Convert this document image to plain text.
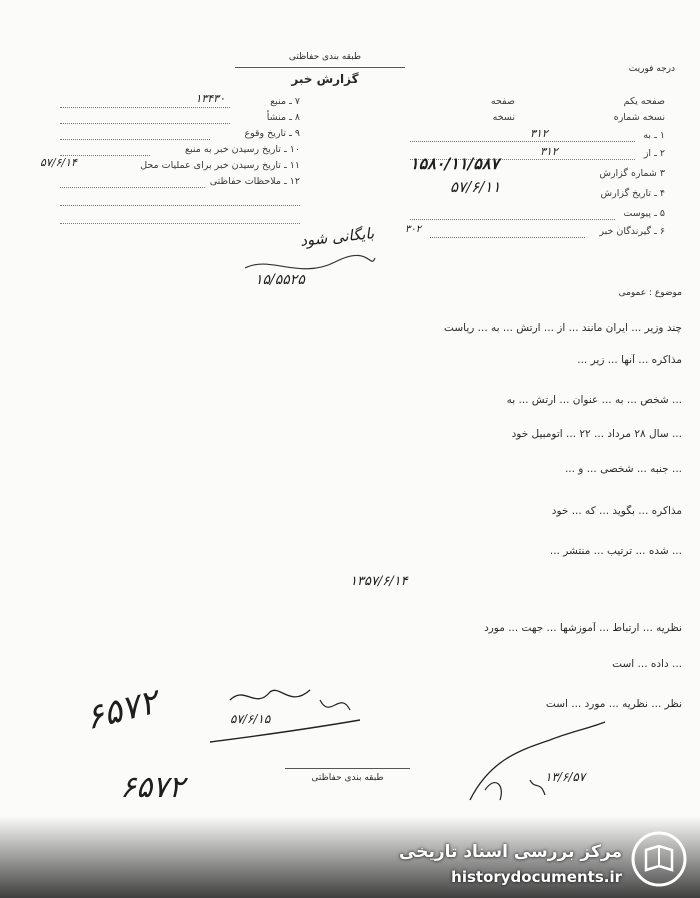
طبقه بندی حفاظتی
گزارش خبر
درجه فوریت
۷ ـ منبع
۱۳۴۳۰
۸ ـ منشأ
۹ ـ تاریخ وقوع
۱۰ ـ تاریخ رسیدن خبر به منبع
۱۱ ـ تاریخ رسیدن خبر برای عملیات محل
۵۷/۶/۱۴
۱۲ ـ ملاحظات حفاظتی
صفحه یکم
صفحه
نسخه شماره
نسخه
۱ ـ به
۳۱۲
۲ ـ از
۳۱۲
۳ شماره گزارش
۱۵۸۰/۱۱/۵۸۷
۴ ـ تاریخ گزارش
۵۷/۶/۱۱
۵ ـ پیوست
۶ ـ گیرندگان خبر
۳۰۲
بایگانی شود
۱۵/۵۵۲۵
موضوع : عمومی
چند وزیر ... ایران مانند ... از ... ارتش ... به ... ریاست
مذاکره ... آنها ... زیر ...
... شخص ... به ... عنوان ... ارتش ... به
... سال ۲۸ مرداد ... ۲۲ ... اتومبیل خود
... جنبه ... شخصی ... و ...
مذاکره ... بگوید ... که ... خود
... شده ... ترتیب ... منتشر ...
۱۳۵۷/۶/۱۴
نظریه ... ارتباط ... آموزشها ... جهت ... مورد
... داده ... است
نظر ... نظریه ... مورد ... است
۶۵۷۲
۶۵۷۲
۵۷/۶/۱۵
طبقه بندی حفاظتی	۱۳/۶/۵۷
مرکز بررسی اسناد تاریخی
historydocuments.ir
